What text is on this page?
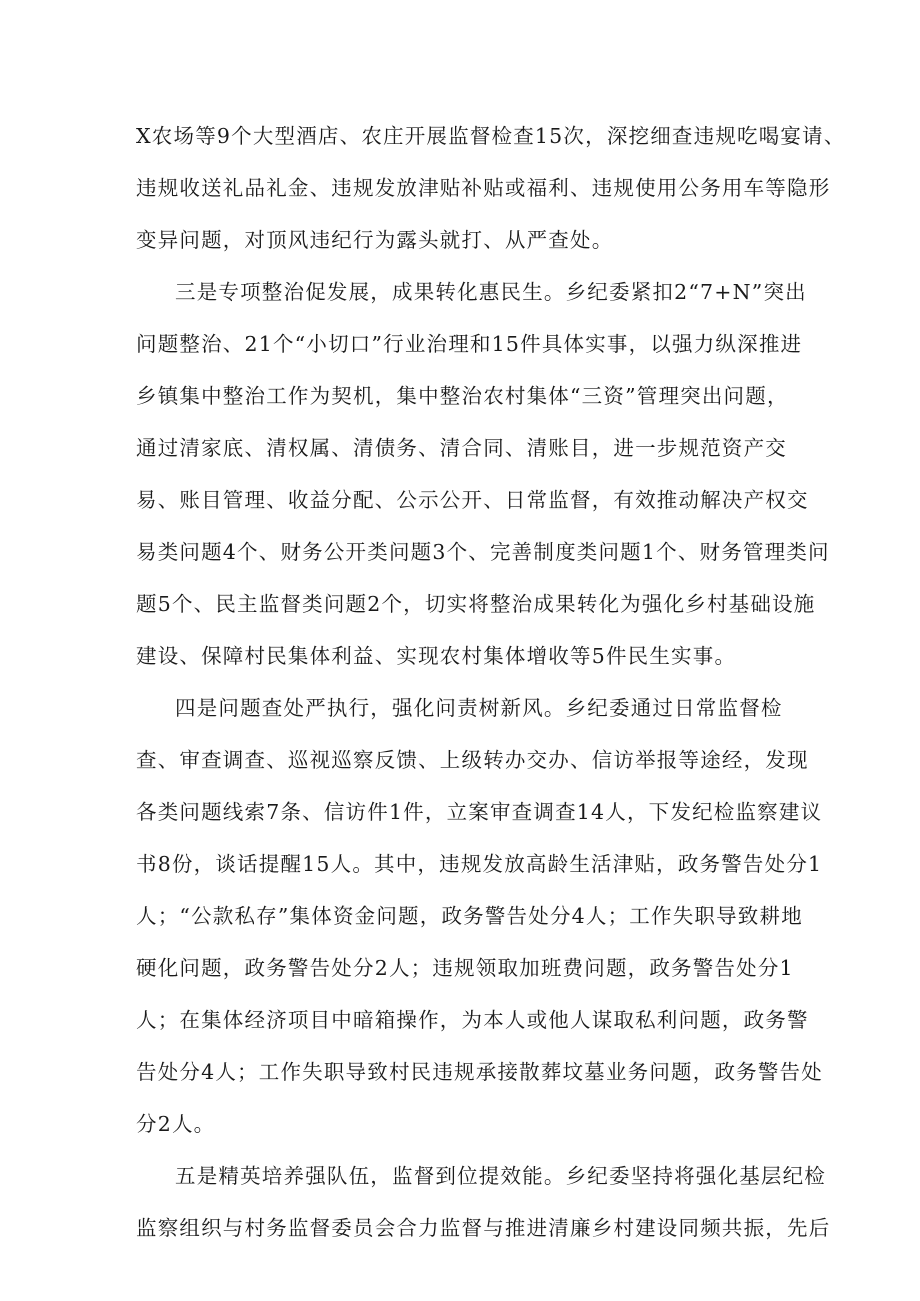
X农场等9个大型酒店、农庄开展监督检查15次，深挖细查违规吃喝宴请、
违规收送礼品礼金、违规发放津贴补贴或福利、违规使用公务用车等隐形
变异问题，对顶风违纪行为露头就打、从严查处。
三是专项整治促发展，成果转化惠民生。乡纪委紧扣2“7+N”突出
问题整治、21个“小切口”行业治理和15件具体实事，以强力纵深推进
乡镇集中整治工作为契机，集中整治农村集体“三资”管理突出问题，
通过清家底、清权属、清债务、清合同、清账目，进一步规范资产交
易、账目管理、收益分配、公示公开、日常监督，有效推动解决产权交
易类问题4个、财务公开类问题3个、完善制度类问题1个、财务管理类问
题5个、民主监督类问题2个，切实将整治成果转化为强化乡村基础设施
建设、保障村民集体利益、实现农村集体增收等5件民生实事。
四是问题查处严执行，强化问责树新风。乡纪委通过日常监督检
查、审查调查、巡视巡察反馈、上级转办交办、信访举报等途经，发现
各类问题线索7条、信访件1件，立案审查调查14人，下发纪检监察建议
书8份，谈话提醒15人。其中，违规发放高龄生活津贴，政务警告处分1
人；“公款私存”集体资金问题，政务警告处分4人；工作失职导致耕地
硬化问题，政务警告处分2人；违规领取加班费问题，政务警告处分1
人；在集体经济项目中暗箱操作，为本人或他人谋取私利问题，政务警
告处分4人；工作失职导致村民违规承接散葬坟墓业务问题，政务警告处
分2人。
五是精英培养强队伍，监督到位提效能。乡纪委坚持将强化基层纪检
监察组织与村务监督委员会合力监督与推进清廉乡村建设同频共振，先后
